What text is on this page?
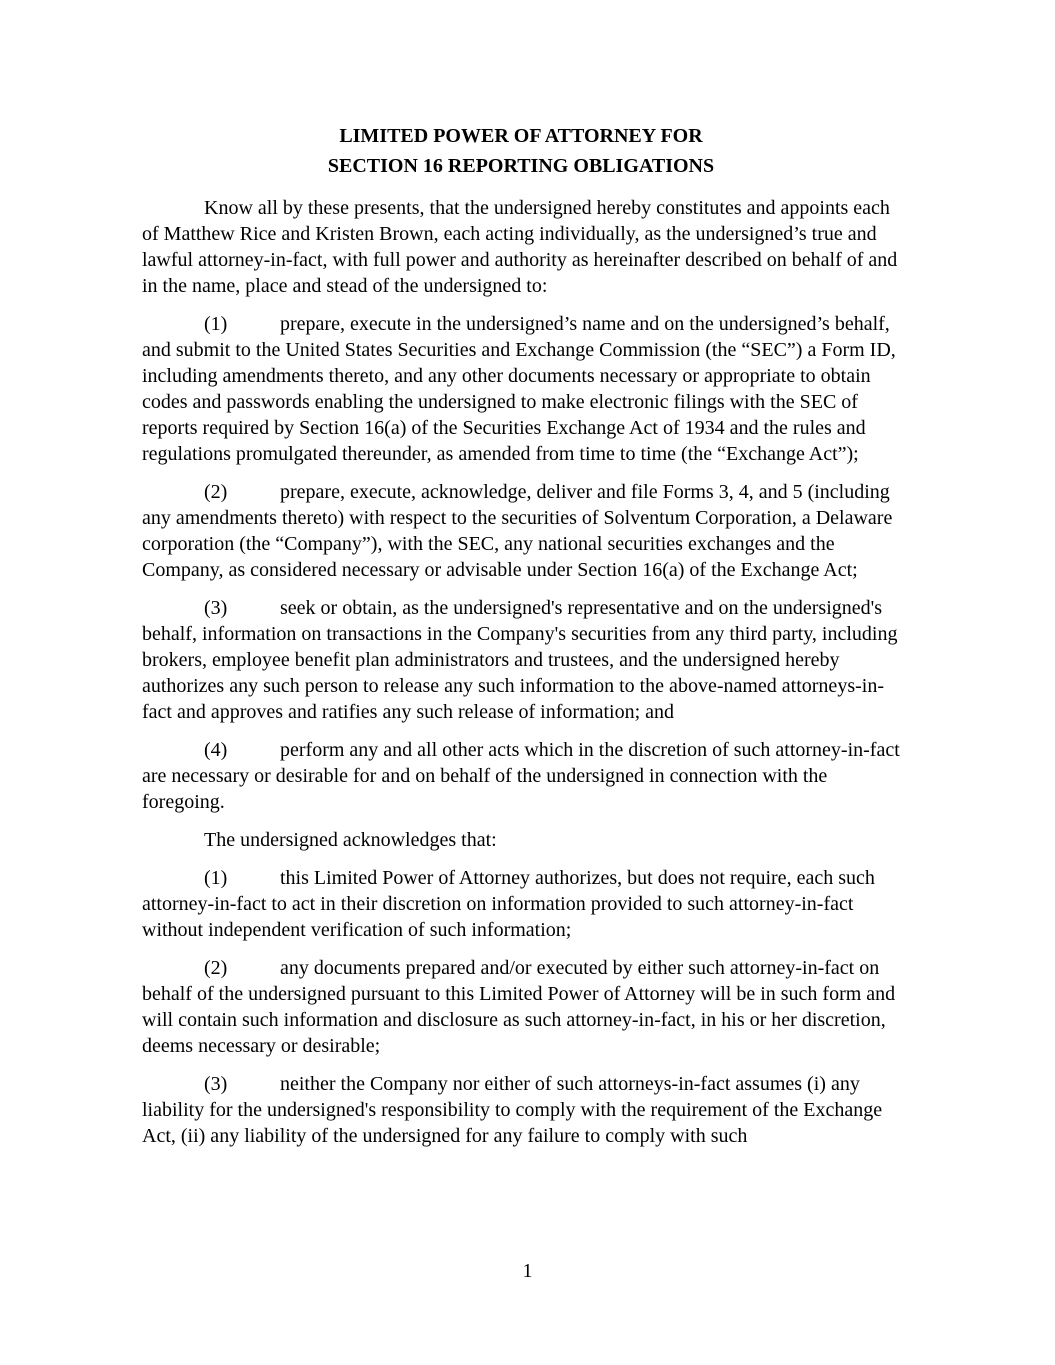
LIMITED POWER OF ATTORNEY FOR
SECTION 16 REPORTING OBLIGATIONS

Know all by these presents, that the undersigned hereby constitutes and appoints each of Matthew Rice and Kristen Brown, each acting individually, as the undersigned’s true and lawful attorney-in-fact, with full power and authority as hereinafter described on behalf of and in the name, place and stead of the undersigned to:

(1)	prepare, execute in the undersigned’s name and on the undersigned’s behalf, and submit to the United States Securities and Exchange Commission (the “SEC”) a Form ID, including amendments thereto, and any other documents necessary or appropriate to obtain codes and passwords enabling the undersigned to make electronic filings with the SEC of reports required by Section 16(a) of the Securities Exchange Act of 1934 and the rules and regulations promulgated thereunder, as amended from time to time (the “Exchange Act”);

(2)	prepare, execute, acknowledge, deliver and file Forms 3, 4, and 5 (including any amendments thereto) with respect to the securities of Solventum Corporation, a Delaware corporation (the “Company”), with the SEC, any national securities exchanges and the Company, as considered necessary or advisable under Section 16(a) of the Exchange Act;

(3)	seek or obtain, as the undersigned's representative and on the undersigned's behalf, information on transactions in the Company's securities from any third party, including brokers, employee benefit plan administrators and trustees, and the undersigned hereby authorizes any such person to release any such information to the above-named attorneys-in-fact and approves and ratifies any such release of information; and

(4)	perform any and all other acts which in the discretion of such attorney-in-fact are necessary or desirable for and on behalf of the undersigned in connection with the foregoing.

The undersigned acknowledges that:

(1)	this Limited Power of Attorney authorizes, but does not require, each such attorney-in-fact to act in their discretion on information provided to such attorney-in-fact without independent verification of such information;

(2)	any documents prepared and/or executed by either such attorney-in-fact on behalf of the undersigned pursuant to this Limited Power of Attorney will be in such form and will contain such information and disclosure as such attorney-in-fact, in his or her discretion, deems necessary or desirable;

(3)	neither the Company nor either of such attorneys-in-fact assumes (i) any liability for the undersigned's responsibility to comply with the requirement of the Exchange Act, (ii) any liability of the undersigned for any failure to comply with such

1
